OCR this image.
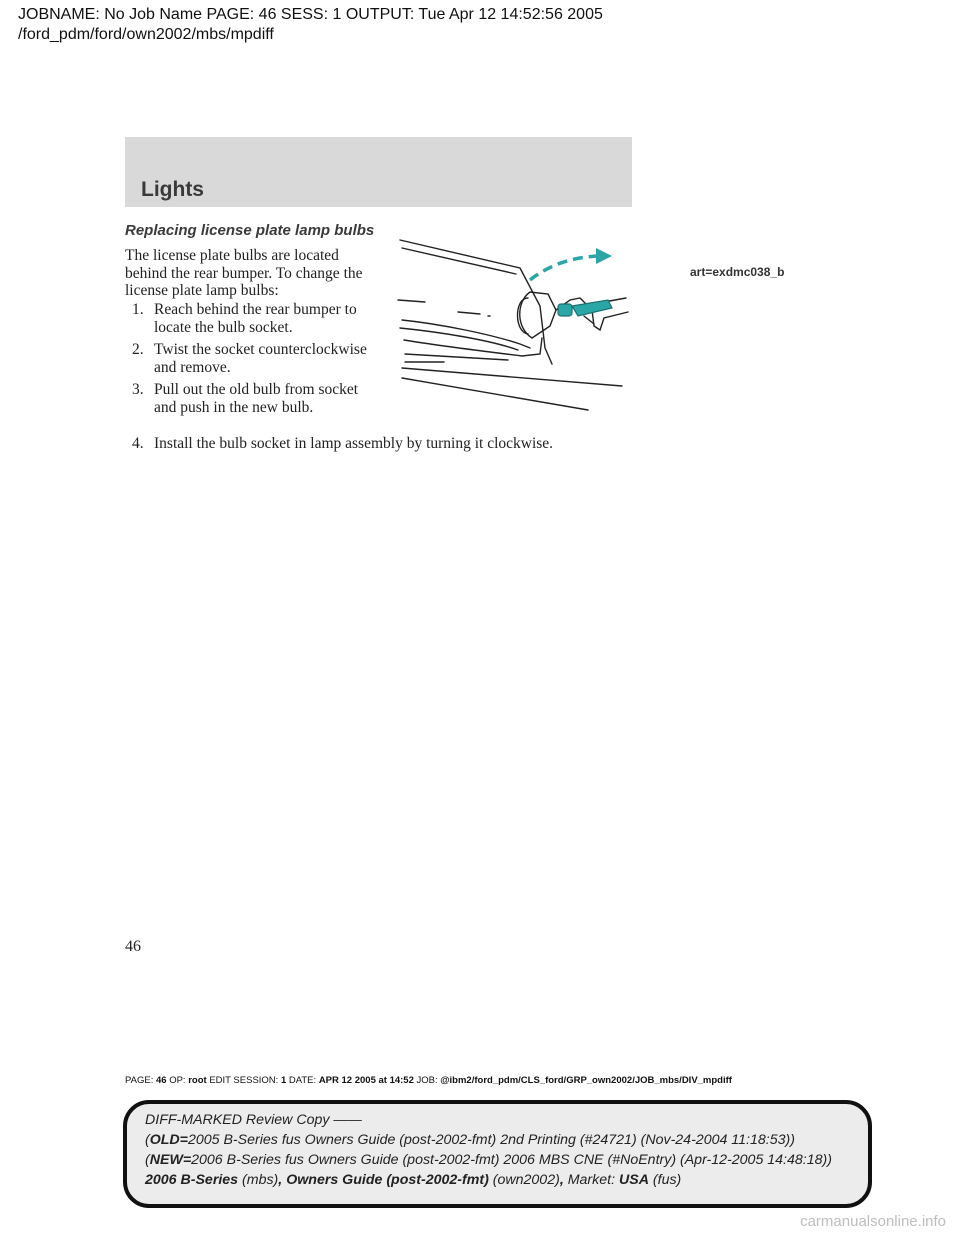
JOBNAME: No Job Name PAGE: 46 SESS: 1 OUTPUT: Tue Apr 12 14:52:56 2005
/ford_pdm/ford/own2002/mbs/mpdiff
Lights
Replacing license plate lamp bulbs
The license plate bulbs are located behind the rear bumper. To change the license plate lamp bulbs:
1. Reach behind the rear bumper to locate the bulb socket.
2. Twist the socket counterclockwise and remove.
3. Pull out the old bulb from socket and push in the new bulb.
4. Install the bulb socket in lamp assembly by turning it clockwise.
art=exdmc038_b
46
PAGE: 46 OP: root EDIT SESSION: 1 DATE: APR 12 2005 at 14:52 JOB: @ibm2/ford_pdm/CLS_ford/GRP_own2002/JOB_mbs/DIV_mpdiff
DIFF-MARKED Review Copy ——
(OLD=2005 B-Series fus Owners Guide (post-2002-fmt) 2nd Printing (#24721) (Nov-24-2004 11:18:53))
(NEW=2006 B-Series fus Owners Guide (post-2002-fmt) 2006 MBS CNE (#NoEntry) (Apr-12-2005 14:48:18))
2006 B-Series (mbs), Owners Guide (post-2002-fmt) (own2002), Market: USA (fus)
carmanualsonline.info
